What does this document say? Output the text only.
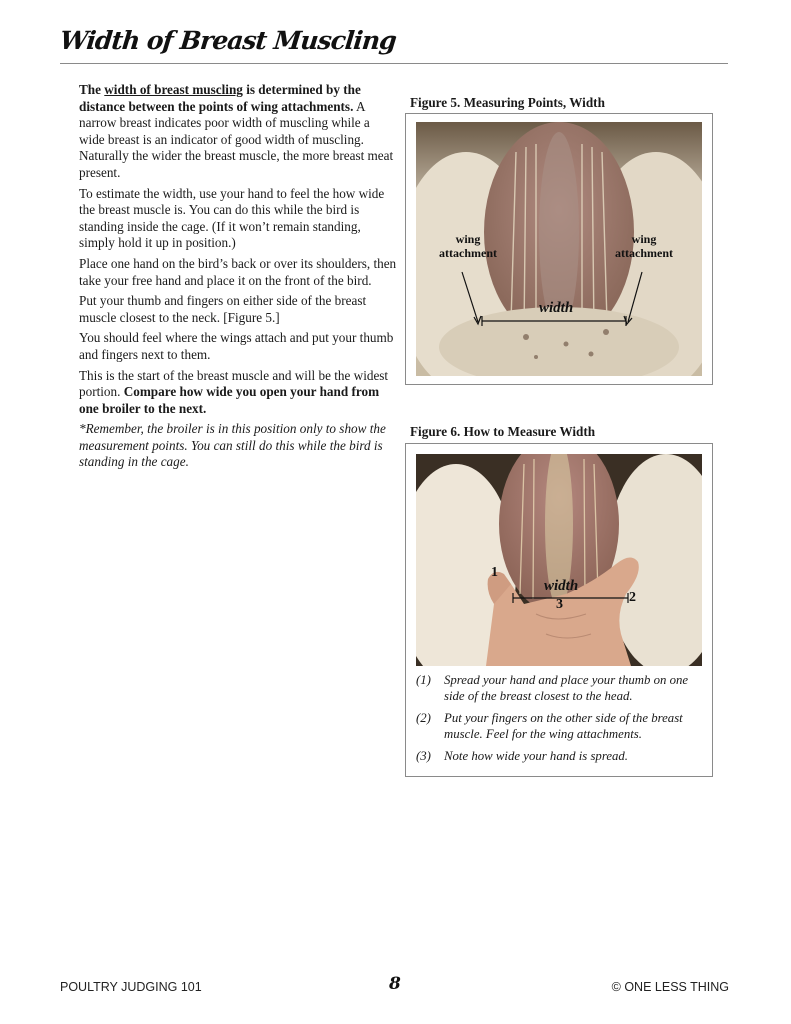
Width of Breast Muscling

The width of breast muscling is determined by the distance between the points of wing attachments. A narrow breast indicates poor width of muscling while a wide breast is an indicator of good width of muscling. Naturally the wider the breast muscle, the more breast meat present.

To estimate the width, use your hand to feel the how wide the breast muscle is. You can do this while the bird is standing inside the cage. (If it won’t remain standing, simply hold it up in position.)

Place one hand on the bird’s back or over its shoulders, then take your free hand and place it on the front of the bird.

Put your thumb and fingers on either side of the breast muscle closest to the neck. [Figure 5.]

You should feel where the wings attach and put your thumb and fingers next to them.

This is the start of the breast muscle and will be the widest portion. Compare how wide you open your hand from one broiler to the next.

*Remember, the broiler is in this position only to show the measurement points. You can still do this while the bird is standing in the cage.

Figure 5. Measuring Points, Width
wing
attachment
wing
attachment
width
Figure 6. How to Measure Width
1
2
3
width
(1)	Spread your hand and place your thumb on one side of the breast closest to the head.
(2)	Put your fingers on the other side of the breast muscle. Feel for the wing attachments.
(3)	Note how wide your hand is spread.
POULTRY JUDGING 101	8	© ONE LESS THING
